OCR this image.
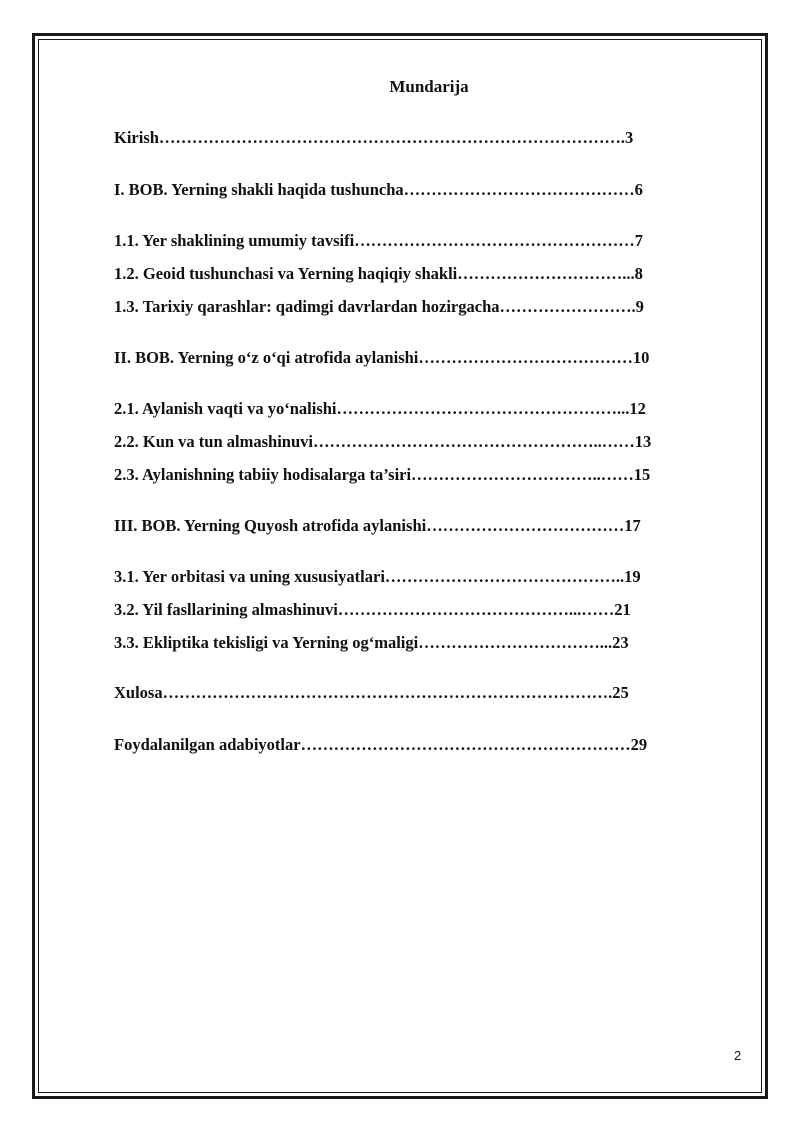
Mundarija
Kirish………………………………………………………………………….3
I. BOB. Yerning shakli haqida tushuncha……………………………………6
1.1. Yer shaklining umumiy tavsifi……………………………………………7
1.2. Geoid tushunchasi va Yerning haqiqiy shakli…………………………...8
1.3. Tarixiy qarashlar: qadimgi davrlardan hozirgacha…………………….9
II. BOB. Yerning o‘z o‘qi atrofida aylanishi…………………………………10
2.1. Aylanish vaqti va yo‘nalishi……………………………………………...12
2.2. Kun va tun almashinuvi……………………………………………..……13
2.3. Aylanishning tabiiy hodisalarga ta’siri……………………………..……15
III. BOB. Yerning Quyosh atrofida aylanishi………………………………17
3.1. Yer orbitasi va uning xususiyatlari……………………………………..19
3.2. Yil fasllarining almashinuvi……………………………………...……21
3.3. Ekliptika tekisligi va Yerning og‘maligi……………………………...23
Xulosa……………………………………………………………………….25
Foydalanilgan adabiyotlar……………………………………………………29
2
